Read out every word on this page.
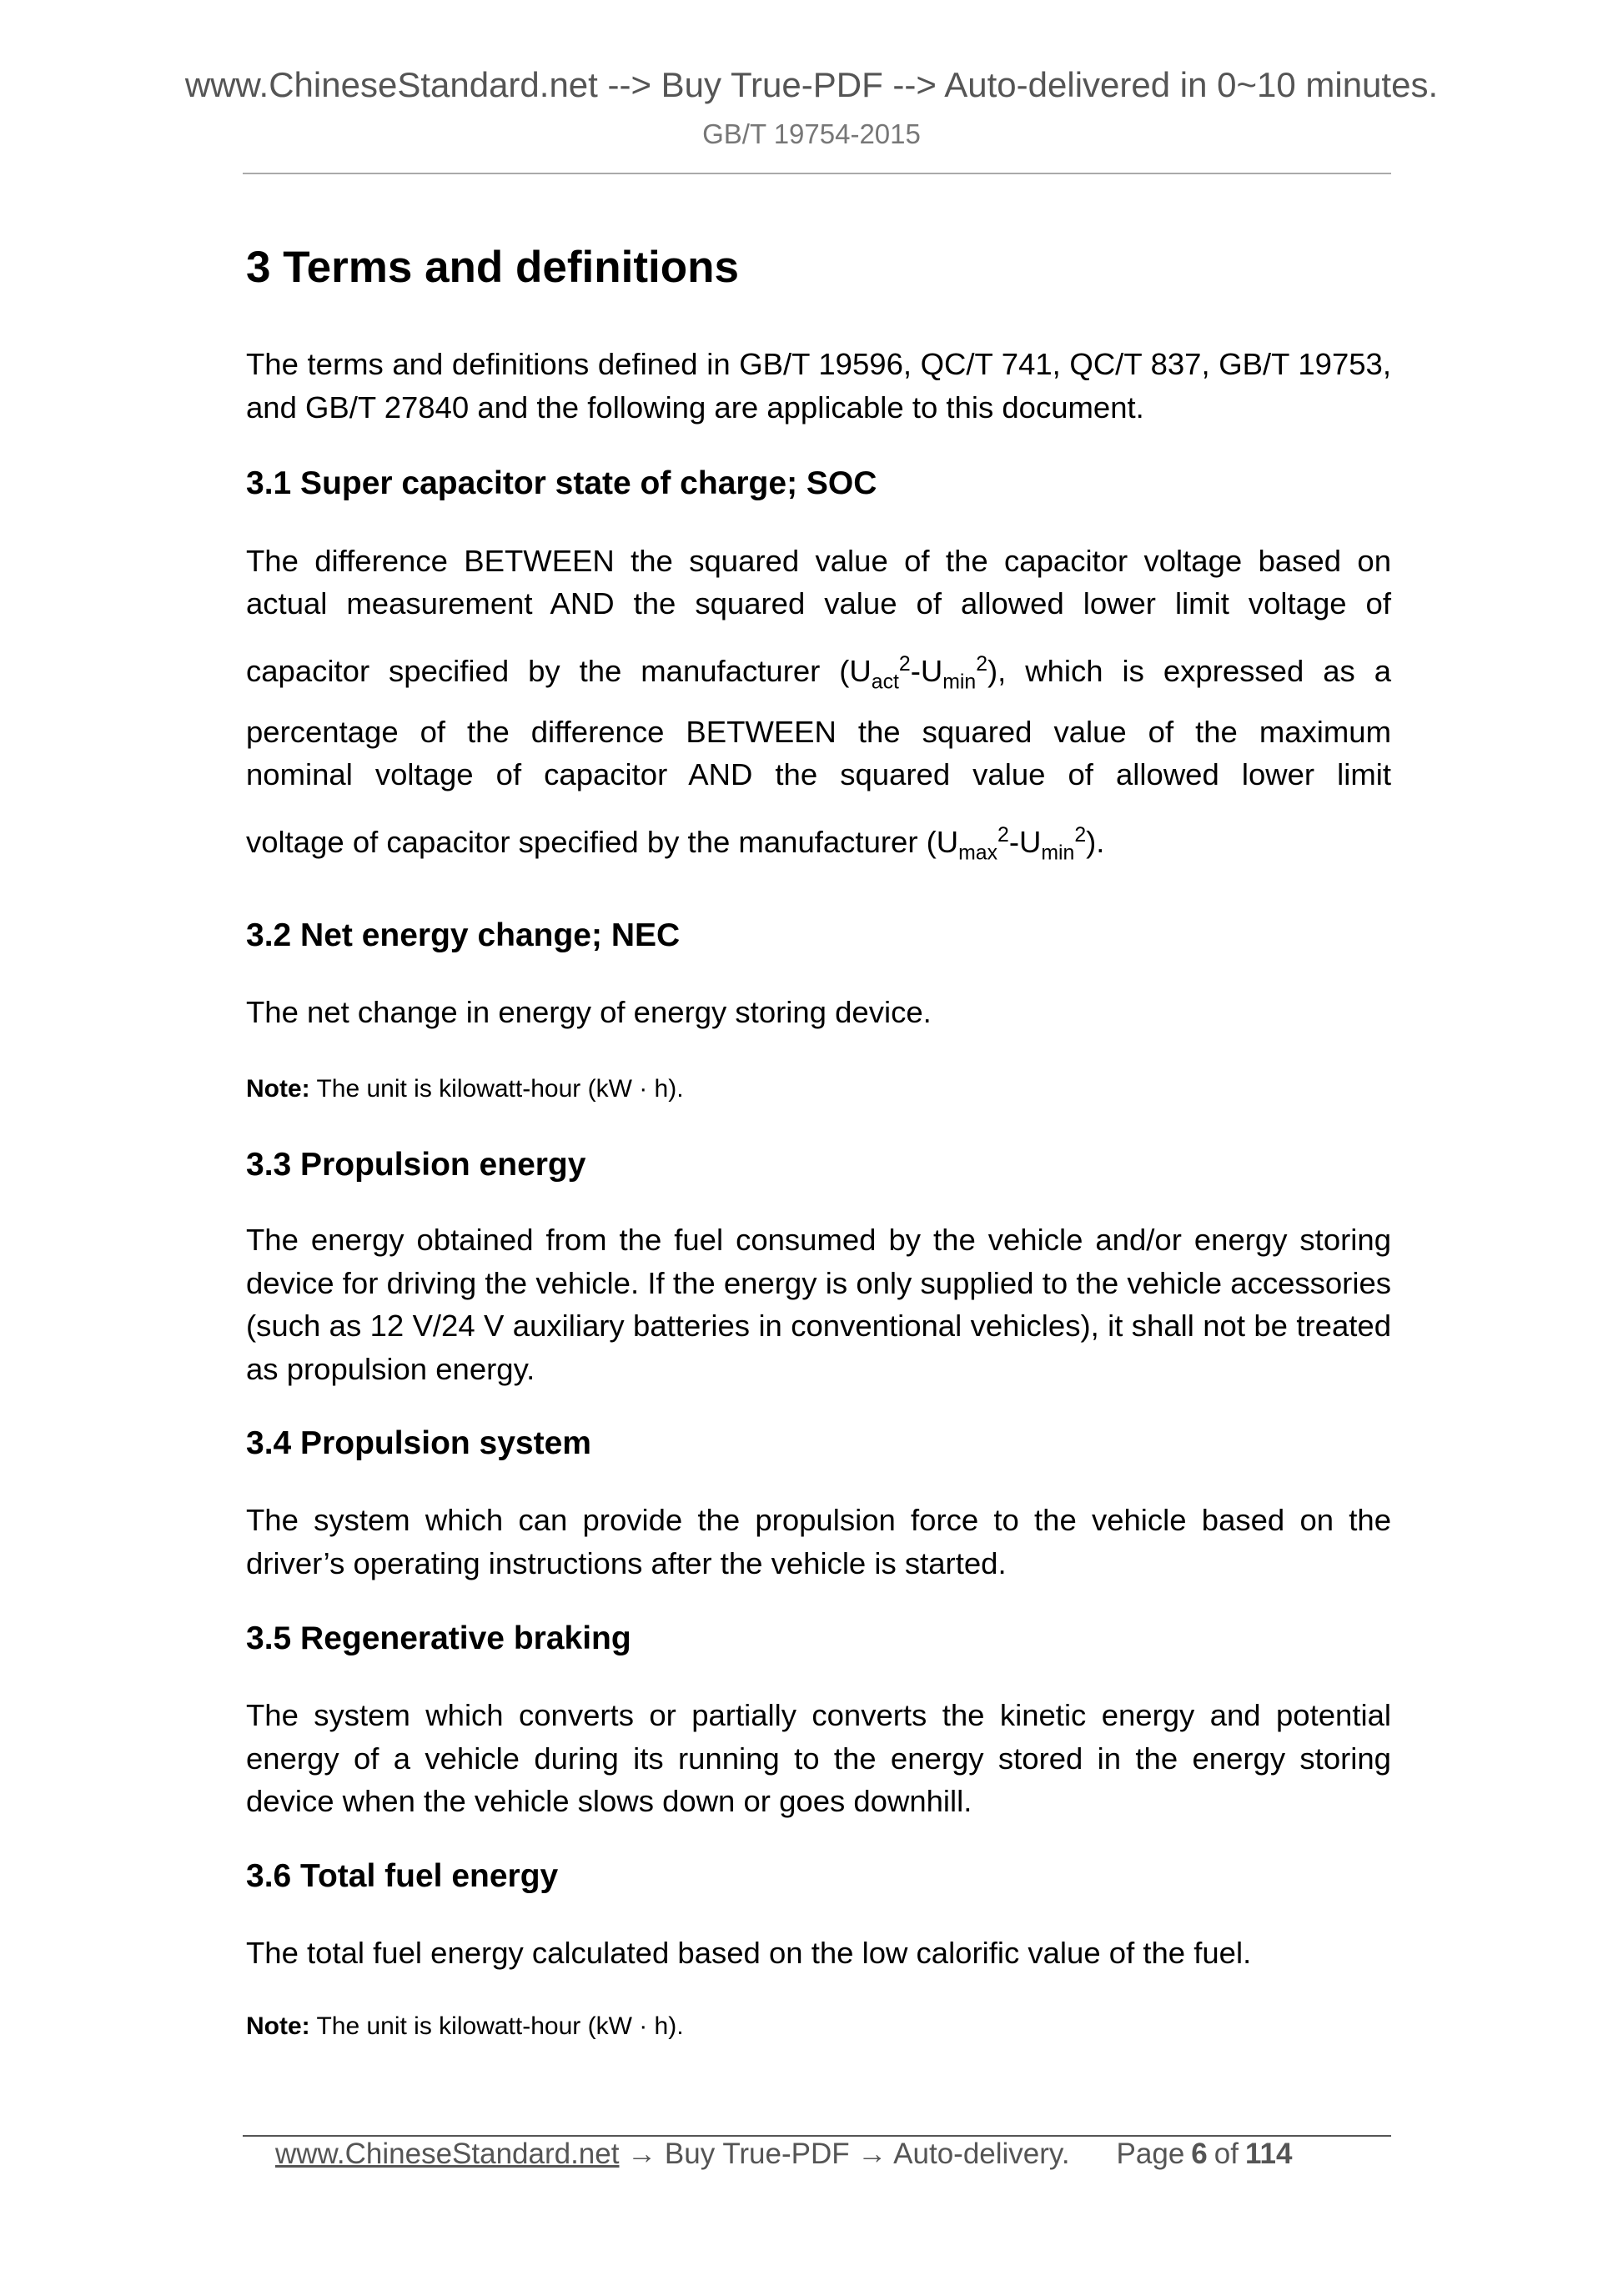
www.ChineseStandard.net --> Buy True-PDF --> Auto-delivered in 0~10 minutes.
GB/T 19754-2015
3 Terms and definitions

The terms and definitions defined in GB/T 19596, QC/T 741, QC/T 837, GB/T 19753, and GB/T 27840 and the following are applicable to this document.

3.1 Super capacitor state of charge; SOC
The difference BETWEEN the squared value of the capacitor voltage based on
actual measurement AND the squared value of allowed lower limit voltage of
capacitor specified by the manufacturer $(U_{act}^2-U_{min}^2)$, which is expressed as a
percentage of the difference BETWEEN the squared value of the maximum
nominal voltage of capacitor AND the squared value of allowed lower limit
voltage of capacitor specified by the manufacturer $(U_{max}^2-U_{min}^2)$.
3.2 Net energy change; NEC

The net change in energy of energy storing device.

Note: The unit is kilowatt-hour (kW · h).
3.3 Propulsion energy

The energy obtained from the fuel consumed by the vehicle and/or energy storing device for driving the vehicle. If the energy is only supplied to the vehicle accessories (such as 12 V/24 V auxiliary batteries in conventional vehicles), it shall not be treated as propulsion energy.

3.4 Propulsion system

The system which can provide the propulsion force to the vehicle based on the driver’s operating instructions after the vehicle is started.

3.5 Regenerative braking

The system which converts or partially converts the kinetic energy and potential energy of a vehicle during its running to the energy stored in the energy storing device when the vehicle slows down or goes downhill.

3.6 Total fuel energy

The total fuel energy calculated based on the low calorific value of the fuel.

Note: The unit is kilowatt-hour (kW · h).
www.ChineseStandard.net → Buy True-PDF → Auto-delivery. Page 6 of 114
